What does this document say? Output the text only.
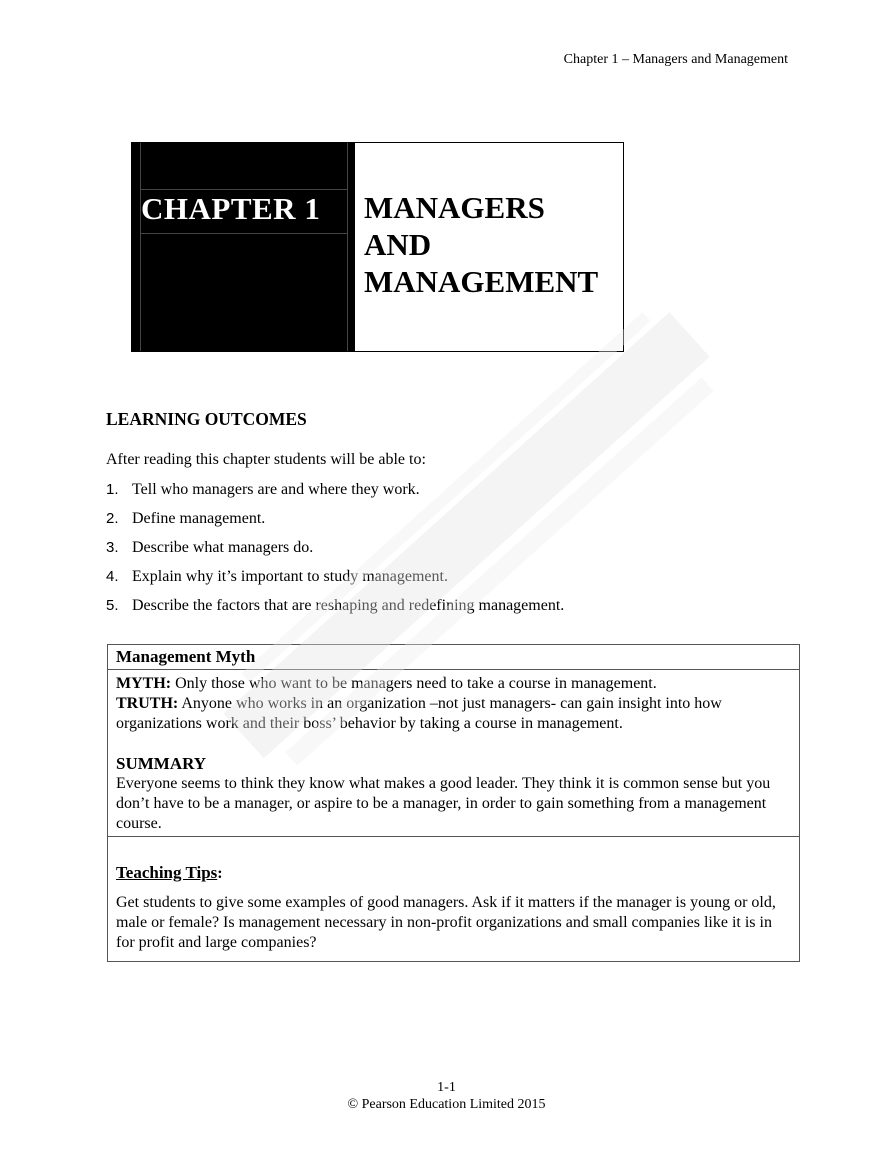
Chapter 1 – Managers and Management
CHAPTER 1 MANAGERS AND MANAGEMENT
LEARNING OUTCOMES
After reading this chapter students will be able to:
1. Tell who managers are and where they work.
2. Define management.
3. Describe what managers do.
4. Explain why it’s important to study management.
5. Describe the factors that are reshaping and redefining management.
Management Myth

MYTH: Only those who want to be managers need to take a course in management.

TRUTH: Anyone who works in an organization –not just managers- can gain insight into how organizations work and their boss’ behavior by taking a course in management.

SUMMARY

Everyone seems to think they know what makes a good leader. They think it is common sense but you don’t have to be a manager, or aspire to be a manager, in order to gain something from a management course.

Teaching Tips:

Get students to give some examples of good managers. Ask if it matters if the manager is young or old, male or female? Is management necessary in non-profit organizations and small companies like it is in for profit and large companies?

1-1
© Pearson Education Limited 2015
